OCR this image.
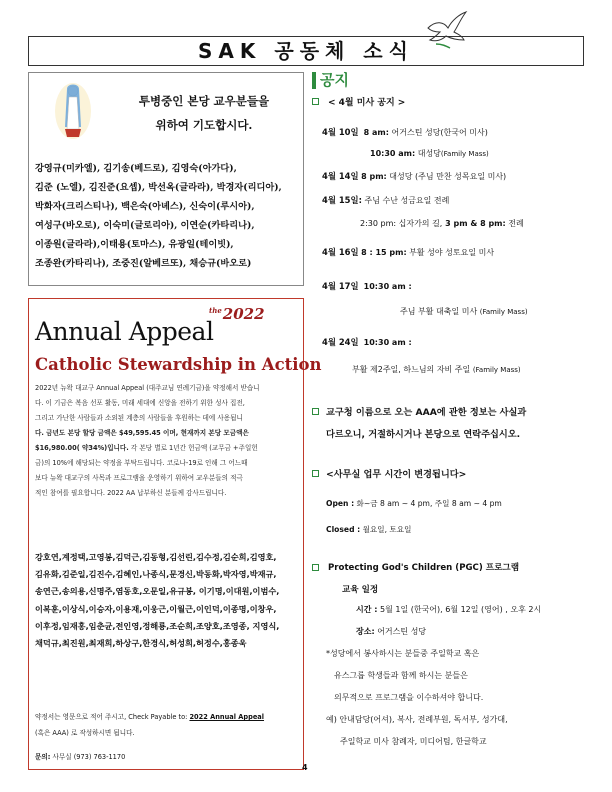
SAK 공동체 소식
투병중인 본당 교우분들을
위하여 기도합시다.
강영규(미카엘), 김기송(베드로), 김영숙(아가다),
김준 (노엘), 김진준(요셉), 박선옥(글라라), 박경자(리디아),
박화자(크리스티나), 백은숙(아녜스), 신숙이(루시아),
여성구(바오로), 이숙미(글로리아), 이연순(카타리나),
이종원(글라라),이태용(토마스), 유광일(테이빗),
조종완(카타리나), 조중진(알베르또), 채승규(바오로)
$^{the}$2022
Annual Appeal
Catholic Stewardship in Action
2022년 뉴왁 대교구 Annual Appeal (대주교님 연례기금)을 약정해서 받습니
다. 이 기금은 복음 선포 활동, 미래 세대에 신앙을 전하기 위한 성사 집전,
그리고 가난한 사람들과 소외된 계층의 사람들을 후원하는 데에 사용됩니
다. 금년도 본당 할당 금액은 $49,595.45 이며, 현재까지 본당 모금액은
$16,980.00( 약34%)입니다. 각 본당 별로 1년간 헌금액 (교무금 +주일헌
금)의 10%에 해당되는 약정을 부탁드립니다. 코로나-19로 인해 그 어느때
보다 뉴왁 대교구의 사목과 프로그램을 운영하기 위하여 교우분들의 적극
적인 참여를 필요합니다. 2022 AA 납부하신 분들께 감사드립니다.
강호연,계정택,고영봉,김덕근,김동형,김선린,김수정,김순희,김영호,
김유화,김준일,김진수,김혜인,나종식,문경신,박동화,박자영,박재규,
송연근,송의용,신명주,염동호,오문일,유규봉, 이기명,이대원,이범수,
이복훈,이상식,이승자,이용재,이웅근,이월근,이인덕,이종명,이창우,
이후정,임재홍,임춘균,전인영,정해룡,조순희,조양호,조영종, 지영식,
채덕규,최진원,최재희,하상구,한경식,허성희,허정수,홍종욱
약정서는 영문으로 적어 주시고, Check Payable to: 2022 Annual Appeal
(혹은 AAA) 로 작성하시면 됩니다.
문의: 사무실 (973) 763-1170
공지
< 4월 미사 공지 >
4월 10일 8 am: 어거스틴 성당(한국어 미사)
10:30 am: 대성당(Family Mass)
4월 14일 8 pm: 대성당 (주님 만찬 성목요일 미사)
4월 15일: 주님 수난 성금요일 전례
2:30 pm: 십자가의 길, 3 pm & 8 pm: 전례
4월 16일 8 : 15 pm: 부활 성야 성토요일 미사
4월 17일 10:30 am :
주님 부활 대축일 미사 (Family Mass)
4월 24일 10:30 am :
부활 제2주일, 하느님의 자비 주일 (Family Mass)
교구청 이름으로 오는 AAA에 관한 정보는 사실과
다르오니, 거절하시거나 본당으로 연락주십시오.
<사무실 업무 시간이 변경됩니다>
Open : 화~금 8 am ~ 4 pm, 주일 8 am ~ 4 pm
Closed : 월요일, 토요일
Protecting God's Children (PGC) 프로그램
교육 일정
시간 : 5월 1일 (한국어), 6월 12일 (영어) , 오후 2시
장소: 어거스틴 성당
*성당에서 봉사하시는 분들중 주일학교 혹은
유스그룹 학생들과 함께 하시는 분들은
의무적으로 프로그램을 이수하셔야 합니다.
예) 안내담당(어셔), 복사, 전례부원, 독서부, 성가대,
주일학교 미사 참례자, 미디어팀, 한글학교
4
